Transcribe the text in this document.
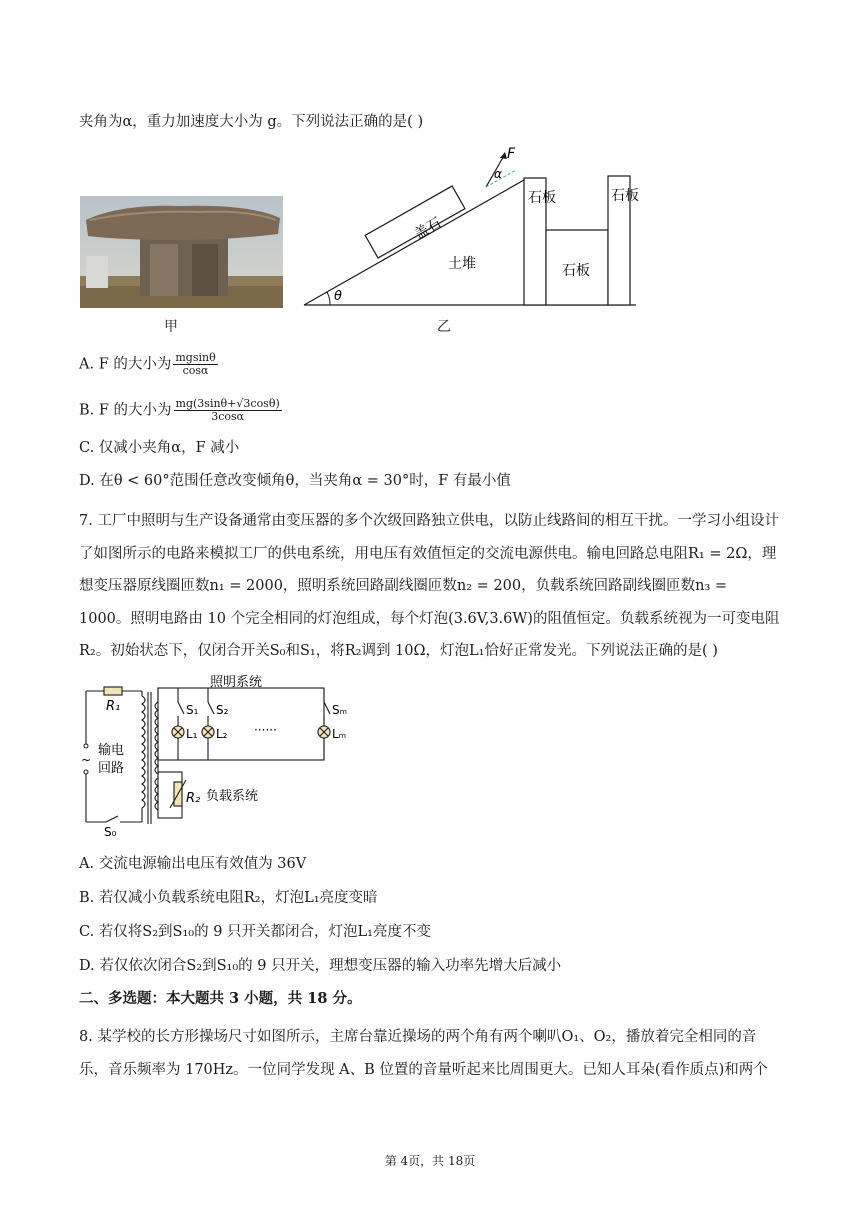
夹角为α，重力加速度大小为 g。下列说法正确的是( )
甲
θ
盖石
土堆
F
α
石板
石板
石板
乙
A. F 的大小为 $\frac{mgsin\theta}{\cos\alpha}$
B. F 的大小为 $\frac{mg(3\sin\theta+√3\cos\theta)}{3\cos\alpha}$
C. 仅减小夹角α，F 减小
D. 在θ < 60°范围任意改变倾角θ，当夹角α = 30°时，F 有最小值
7. 工厂中照明与生产设备通常由变压器的多个次级回路独立供电，以防止线路间的相互干扰。一学习小组设计了如图所示的电路来模拟工厂的供电系统，用电压有效值恒定的交流电源供电。输电回路总电阻R₁ = 2Ω，理想变压器原线圈匝数n₁ = 2000，照明系统回路副线圈匝数n₂ = 200，负载系统回路副线圈匝数n₃ = 1000。照明电路由 10 个完全相同的灯泡组成，每个灯泡(3.6V,3.6W)的阻值恒定。负载系统视为一可变电阻R₂。初始状态下，仅闭合开关S₀和S₁，将R₂调到 10Ω，灯泡L₁恰好正常发光。下列说法正确的是( )
~
R₁
照明系统
S₁ S₂	Sₘ
L₁ L₂	Lₘ
······
输电
回路
R₂ 负载系统
S₀
A. 交流电源输出电压有效值为 36V
B. 若仅减小负载系统电阻R₂，灯泡L₁亮度变暗
C. 若仅将S₂到S₁₀的 9 只开关都闭合，灯泡L₁亮度不变
D. 若仅依次闭合S₂到S₁₀的 9 只开关，理想变压器的输入功率先增大后减小
二、多选题：本大题共 3 小题，共 18 分。
8. 某学校的长方形操场尺寸如图所示，主席台靠近操场的两个角有两个喇叭O₁、O₂，播放着完全相同的音乐，音乐频率为 170Hz。一位同学发现 A、B 位置的音量听起来比周围更大。已知人耳朵(看作质点)和两个
第 4页，共 18页
